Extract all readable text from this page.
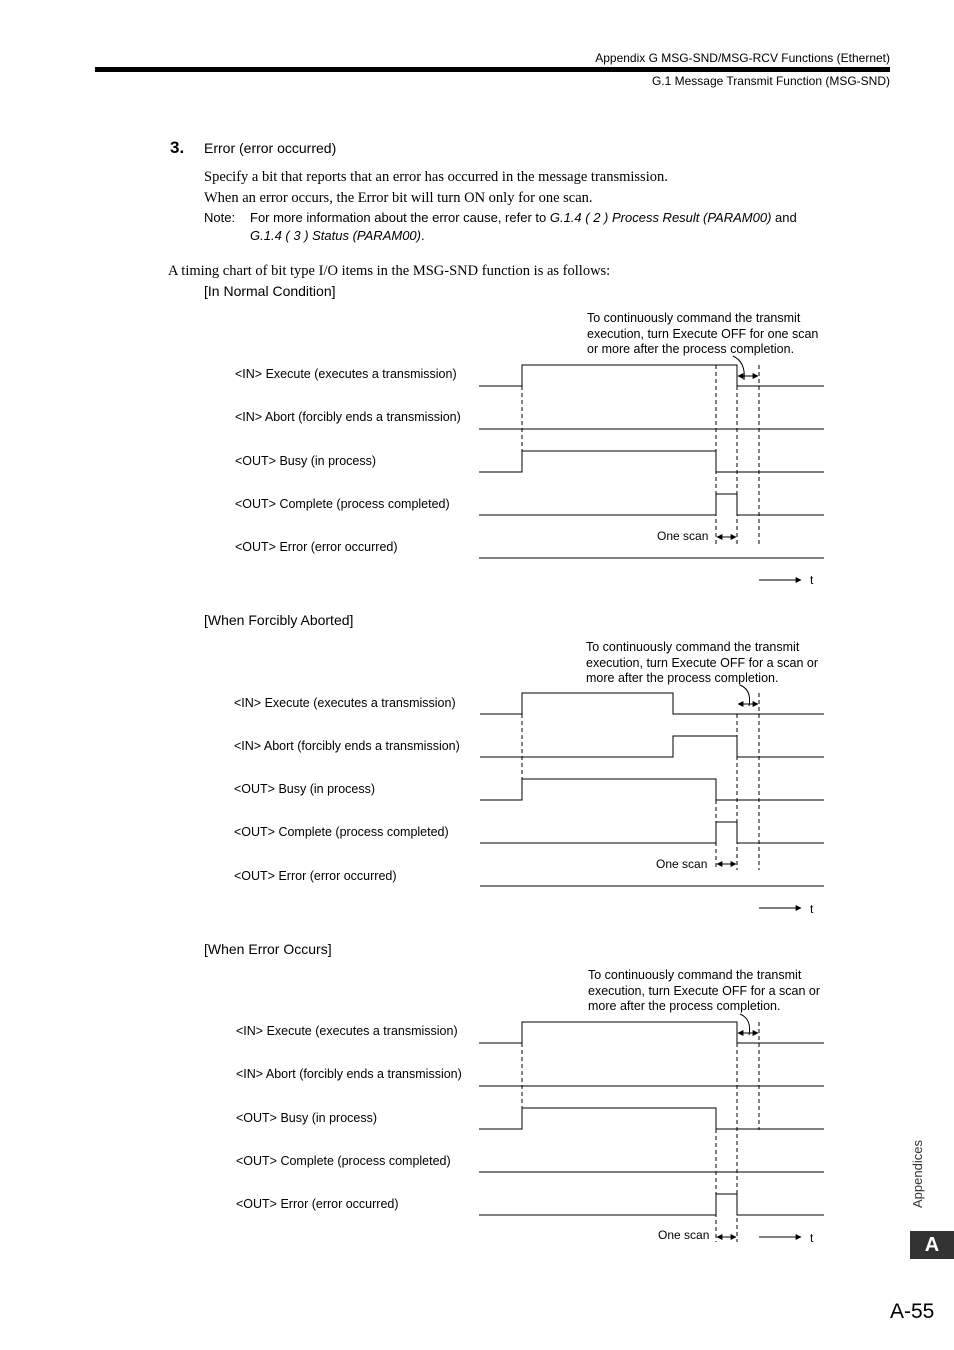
Appendix G MSG-SND/MSG-RCV Functions (Ethernet)
G.1 Message Transmit Function (MSG-SND)
3. Error (error occurred)
Specify a bit that reports that an error has occurred in the message transmission.
When an error occurs, the Error bit will turn ON only for one scan.
Note: For more information about the error cause, refer to G.1.4 ( 2 ) Process Result (PARAM00) and
G.1.4 ( 3 ) Status (PARAM00).
A timing chart of bit type I/O items in the MSG-SND function is as follows:
[In Normal Condition]
To continuously command the transmit execution, turn Execute OFF for one scan or more after the process completion.
<IN> Execute (executes a transmission)
<IN> Abort (forcibly ends a transmission)
<OUT> Busy (in process)
<OUT> Complete (process completed)
<OUT> Error (error occurred)
One scan
t
[When Forcibly Aborted]
To continuously command the transmit execution, turn Execute OFF for a scan or more after the process completion.
<IN> Execute (executes a transmission)
<IN> Abort (forcibly ends a transmission)
<OUT> Busy (in process)
<OUT> Complete (process completed)
<OUT> Error (error occurred)
One scan
t
[When Error Occurs]
To continuously command the transmit execution, turn Execute OFF for a scan or more after the process completion.
<IN> Execute (executes a transmission)
<IN> Abort (forcibly ends a transmission)
<OUT> Busy (in process)
<OUT> Complete (process completed)
<OUT> Error (error occurred)
One scan	t
Appendices
A
A-55
